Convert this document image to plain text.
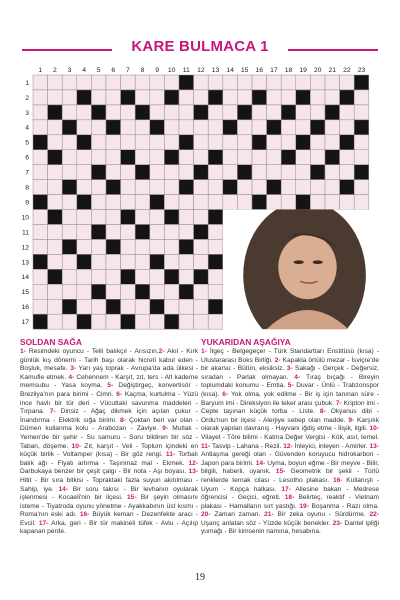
KARE BULMACA 1
1 2 3 4 5 6 7 8 9 10 11 12 13 14 15 16 17 18 19 20 21 22 23
1
2
3
4
5
6
7
8
9
10
11
12
13
14
15
16
17
SOLDAN SAĞA
1- Resimdeki oyuncu - Telli balıkçıl - Arısızın.2- Akıl - Kırk günlük kış dönemi - Tarih başı olarak hicreti kabul eden - Boşluk, mesafe. 3- Yarı yaş toprak - Avrupa'da ada ülkesi - Kamufle etmek. 4- Cehennem - Karşıt, zıt, ters - Alt kademe memsubu - Yasa koyma. 5- Değiştirgeç, konvertisör - Brezilya'nın para birimi - Cimri. 6- Kaçma, kurtulma - Yüzü ince havlı bir tür deri - Vücuttaki savunma maddeleri - Tırpana. 7- Dinsiz - Ağaç dikmek için açılan çukur - İnandırma - Elektrik sığa birimi. 8- Çoktan beri var olan - Dümen kullanma kolu - Arabozan - Zaviye. 9- Mutlak - Yemen'de bir şehir - Su samuru - Soru bildiren bir söz - Taban, döşeme. 10- Zıt, karşıt - Veli - Toplum içindeki en küçük birlik - Voltamper (kısa) - Bir göz rengi. 11- Torbalı balık ağı - Fiyatı artırma - Taşınmaz mal - Ekmek. 12- Darbukaya benzer bir çeşit çalgı - Bir nota - Aşı boyası. 13- Hitit - Bir sıra bitkisi - Topraktaki fazla suyun akıtılması - Sahip, iye. 14- Bir soru takısı - Bir levhanın oyularak işlenmesi - Kocaeli'nin bir ilçesi. 15- Bir şeyin olmasını isteme - Tiyatroda oyunu yönetme - Ayakkabının üst kısmı - Roma'nın eski adı. 16- Büyük keman - Dezenfekte aracı - Evcil. 17- Arka, geri - Bir tür makineli tüfek - Avlu - Açılıp kapanan perde.
YUKARIDAN AŞAĞIYA
1- İlgeç - Belgegeçer - Türk Standartları Enstitüsü (kısa) - Uluslararası Boks Birliği. 2- Kapakla örtülü mezar - İsviçre'de bir akarsu - Bütün, eksiksiz. 3- Sakağı - Gerçek - Değersiz, sıradan - Parlak olmayan. 4- Tıraş bıçağı - Bireyin toplumdaki konumu - Emtia. 5- Duvar - Ünlü - Trabzonspor (kısa). 6- Yok olma, yok edilme - Bir iş için tanınan süre - Baryum imi - Direksiyon ile teker arası çubuk. 7- Kripton imi - Cepte taşınan küçük torba - Liste. 8- Okyanus dibi - Ordu'nun bir ilçesi - Alerjiye sebep olan madde. 9- Karşılık olarak yapılan davranış - Hayvanı iğdiş etme - İlişik, ilgili. 10- Vilayet - Töre bilimi - Katma Değer Vergisi - Kök, asıl, temel. 11- Tasvip - Lahana - Rezil. 12- İnleyici, inleyen - Amirler. 13- Antlaşma gereği olan - Güvenden koruyucu hidrokarbon - Japon para birimi. 14- Uyma, boyun eğme - Bir meyve - Bilir, bilgili, haberli, uyanık. 15- Geometrik bir şekil - Türlü renklerde ternak cilası - Lesotho plakası. 16- Kullanışlı - Uyum - Kopça halkası. 17- Allesine bakan - Medrese öğrencisi - Geçici, eğreti. 18- Belirteç, reaktif - Vietnam plakası - Hamalların sırt yastığı. 19- Boşanma - Razı olma. 20- Zaman zaman. 21- Bir zeka oyunu - Sürdürme. 22- Uşanç anlatan söz - Yüzde küçük benekler. 23- Dantel ipliği yumağı - Bir kimsenin namına, hesabına.
19
